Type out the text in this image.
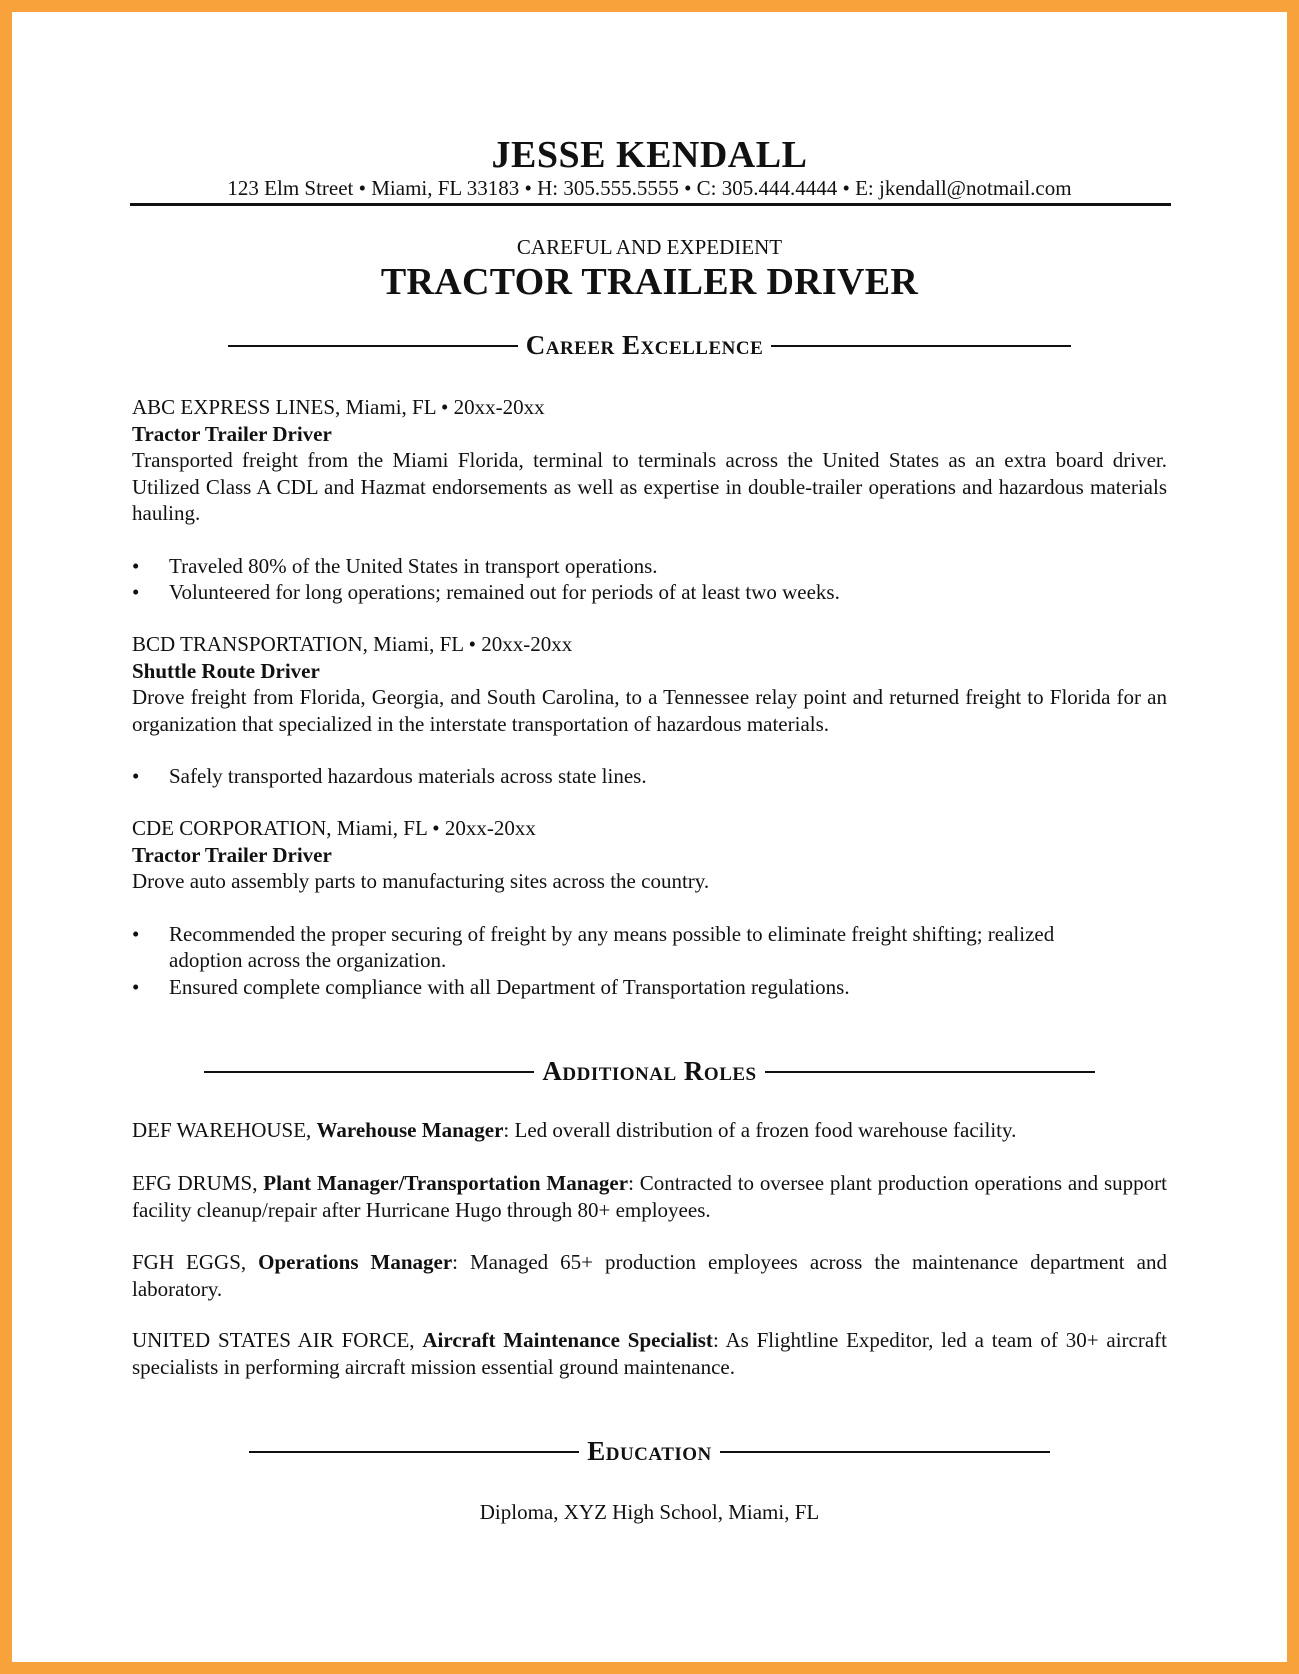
JESSE KENDALL
123 Elm Street • Miami, FL 33183 • H: 305.555.5555 • C: 305.444.4444 • E: jkendall@notmail.com
CAREFUL AND EXPEDIENT
TRACTOR TRAILER DRIVER
Career Excellence
ABC EXPRESS LINES, Miami, FL • 20xx-20xx
Tractor Trailer Driver
Transported freight from the Miami Florida, terminal to terminals across the United States as an extra board driver. Utilized Class A CDL and Hazmat endorsements as well as expertise in double-trailer operations and hazardous materials hauling.
• Traveled 80% of the United States in transport operations.
• Volunteered for long operations; remained out for periods of at least two weeks.
BCD TRANSPORTATION, Miami, FL • 20xx-20xx
Shuttle Route Driver
Drove freight from Florida, Georgia, and South Carolina, to a Tennessee relay point and returned freight to Florida for an organization that specialized in the interstate transportation of hazardous materials.
• Safely transported hazardous materials across state lines.
CDE CORPORATION, Miami, FL • 20xx-20xx
Tractor Trailer Driver
Drove auto assembly parts to manufacturing sites across the country.
• Recommended the proper securing of freight by any means possible to eliminate freight shifting; realized adoption across the organization.
• Ensured complete compliance with all Department of Transportation regulations.
Additional Roles
DEF WAREHOUSE, Warehouse Manager: Led overall distribution of a frozen food warehouse facility.
EFG DRUMS, Plant Manager/Transportation Manager: Contracted to oversee plant production operations and support facility cleanup/repair after Hurricane Hugo through 80+ employees.
FGH EGGS, Operations Manager: Managed 65+ production employees across the maintenance department and laboratory.
UNITED STATES AIR FORCE, Aircraft Maintenance Specialist: As Flightline Expeditor, led a team of 30+ aircraft specialists in performing aircraft mission essential ground maintenance.
Education
Diploma, XYZ High School, Miami, FL
